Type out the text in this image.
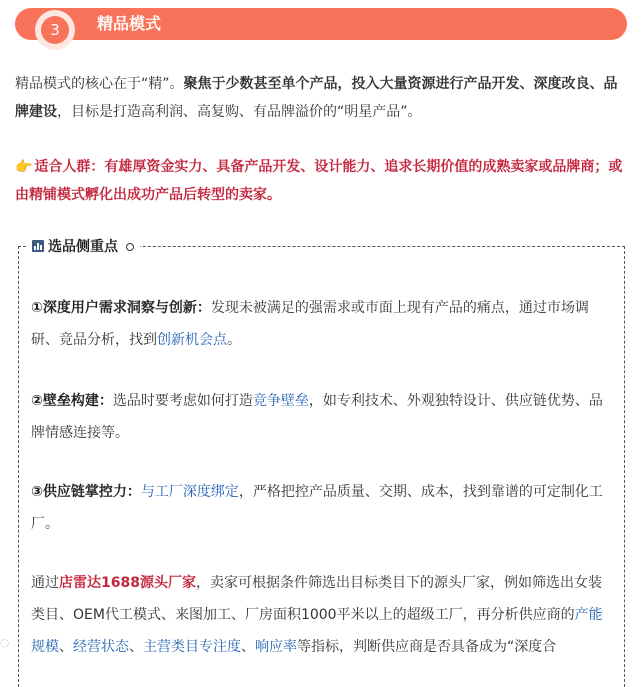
3	精品模式

精品模式的核心在于“精”。聚焦于少数甚至单个产品，投入大量资源进行产品开发、深度改良、品牌建设，目标是打造高利润、高复购、有品牌溢价的“明星产品”。

👉 适合人群：有雄厚资金实力、具备产品开发、设计能力、追求长期价值的成熟卖家或品牌商；或由精铺模式孵化出成功产品后转型的卖家。

选品侧重点

①深度用户需求洞察与创新：发现未被满足的强需求或市面上现有产品的痛点，通过市场调研、竞品分析，找到创新机会点。

②壁垒构建：选品时要考虑如何打造竞争壁垒，如专利技术、外观独特设计、供应链优势、品牌情感连接等。

③供应链掌控力：与工厂深度绑定，严格把控产品质量、交期、成本，找到靠谱的可定制化工厂。

通过店雷达1688源头厂家，卖家可根据条件筛选出目标类目下的源头厂家，例如筛选出女装类目、OEM代工模式、来图加工、厂房面积1000平米以上的超级工厂，再分析供应商的产能规模、经营状态、主营类目专注度、响应率等指标，判断供应商是否具备成为“深度合

◌
